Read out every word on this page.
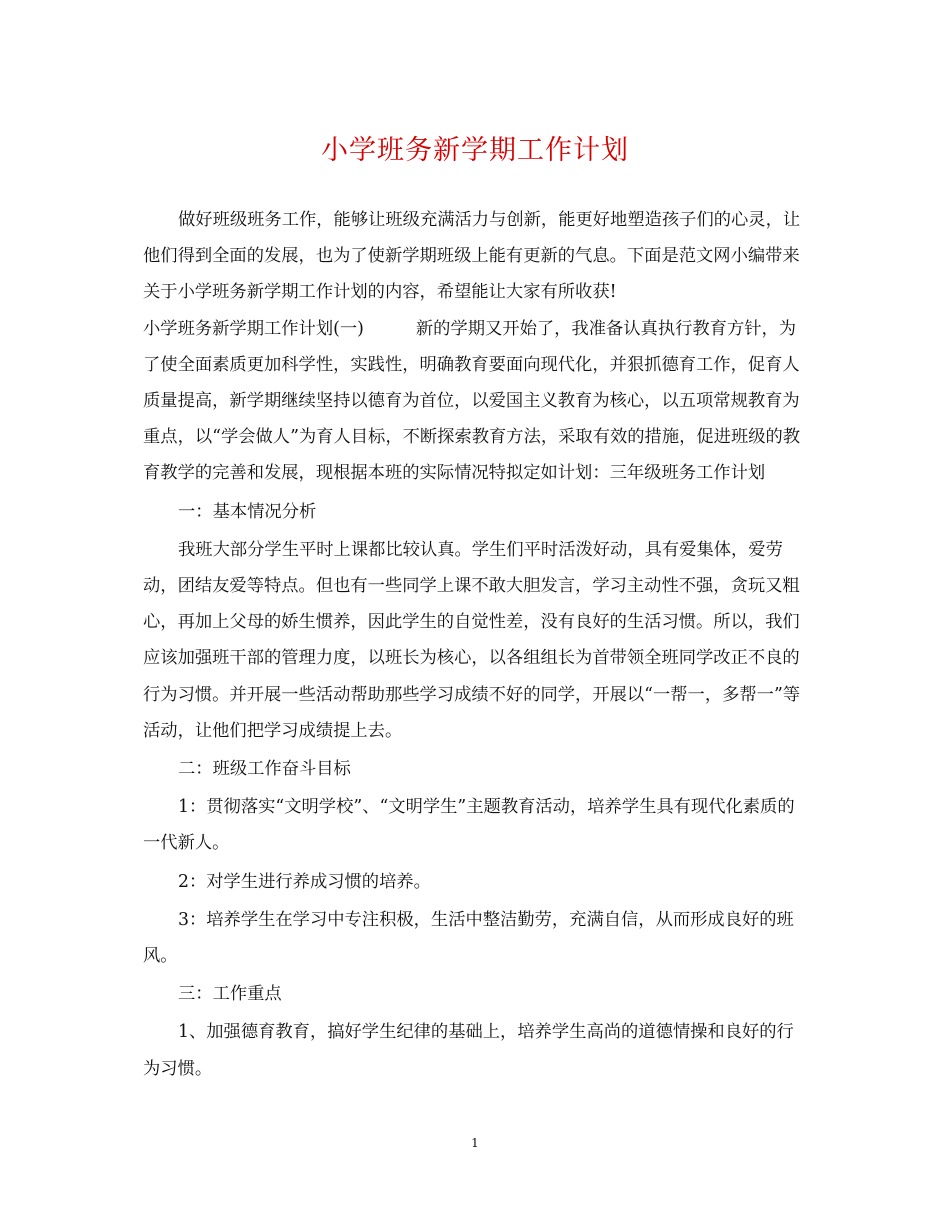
小学班务新学期工作计划

做好班级班务工作，能够让班级充满活力与创新，能更好地塑造孩子们的心灵，让他们得到全面的发展，也为了使新学期班级上能有更新的气息。下面是范文网小编带来关于小学班务新学期工作计划的内容，希望能让大家有所收获!

小学班务新学期工作计划(一)	新的学期又开始了，我准备认真执行教育方针，为了使全面素质更加科学性，实践性，明确教育要面向现代化，并狠抓德育工作，促育人质量提高，新学期继续坚持以德育为首位，以爱国主义教育为核心，以五项常规教育为重点，以“学会做人”为育人目标，不断探索教育方法，采取有效的措施，促进班级的教育教学的完善和发展，现根据本班的实际情况特拟定如计划：三年级班务工作计划

一：基本情况分析

我班大部分学生平时上课都比较认真。学生们平时活泼好动，具有爱集体，爱劳动，团结友爱等特点。但也有一些同学上课不敢大胆发言，学习主动性不强，贪玩又粗心，再加上父母的娇生惯养，因此学生的自觉性差，没有良好的生活习惯。所以，我们应该加强班干部的管理力度，以班长为核心，以各组组长为首带领全班同学改正不良的行为习惯。并开展一些活动帮助那些学习成绩不好的同学，开展以“一帮一，多帮一”等活动，让他们把学习成绩提上去。

二：班级工作奋斗目标

1：贯彻落实“文明学校”、“文明学生”主题教育活动，培养学生具有现代化素质的一代新人。

2：对学生进行养成习惯的培养。

3：培养学生在学习中专注积极，生活中整洁勤劳，充满自信，从而形成良好的班风。

三：工作重点

1、加强德育教育，搞好学生纪律的基础上，培养学生高尚的道德情操和良好的行为习惯。

1
